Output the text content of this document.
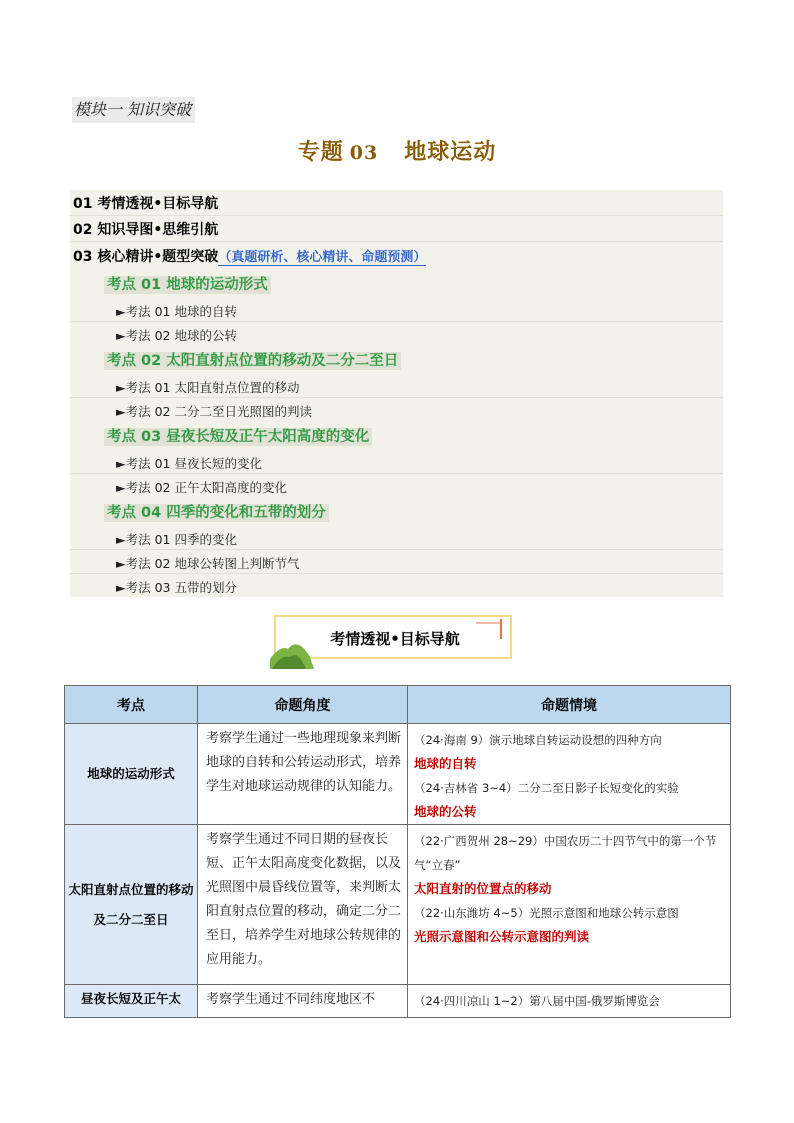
模块一 知识突破
专题 03 地球运动
01 考情透视•目标导航
02 知识导图•思维引航
03 核心精讲•题型突破（真题研析、核心精讲、命题预测）
考点 01 地球的运动形式
►考法 01 地球的自转
►考法 02 地球的公转
考点 02 太阳直射点位置的移动及二分二至日
►考法 01 太阳直射点位置的移动
►考法 02 二分二至日光照图的判读
考点 03 昼夜长短及正午太阳高度的变化
►考法 01 昼夜长短的变化
►考法 02 正午太阳高度的变化
考点 04 四季的变化和五带的划分
►考法 01 四季的变化
►考法 02 地球公转图上判断节气
►考法 03 五带的划分
考情透视•目标导航
考点	命题角度	命题情境
地球的运动形式	考察学生通过一些地理现象来判断地球的自转和公转运动形式，培养学生对地球运动规律的认知能力。	（24·海南 9）演示地球自转运动设想的四种方向
地球的自转
（24·吉林省 3~4）二分二至日影子长短变化的实验
地球的公转

太阳直射点位置的移动及二分二至日	考察学生通过不同日期的昼夜长短、正午太阳高度变化数据，以及光照图中晨昏线位置等，来判断太阳直射点位置的移动，确定二分二至日，培养学生对地球公转规律的应用能力。	（22·广西贺州 28~29）中国农历二十四节气中的第一个节气“立春”
太阳直射的位置点的移动
（22·山东潍坊 4~5）光照示意图和地球公转示意图
光照示意图和公转示意图的判读

昼夜长短及正午太	考察学生通过不同纬度地区不	（24·四川凉山 1~2）第八届中国-俄罗斯博览会
